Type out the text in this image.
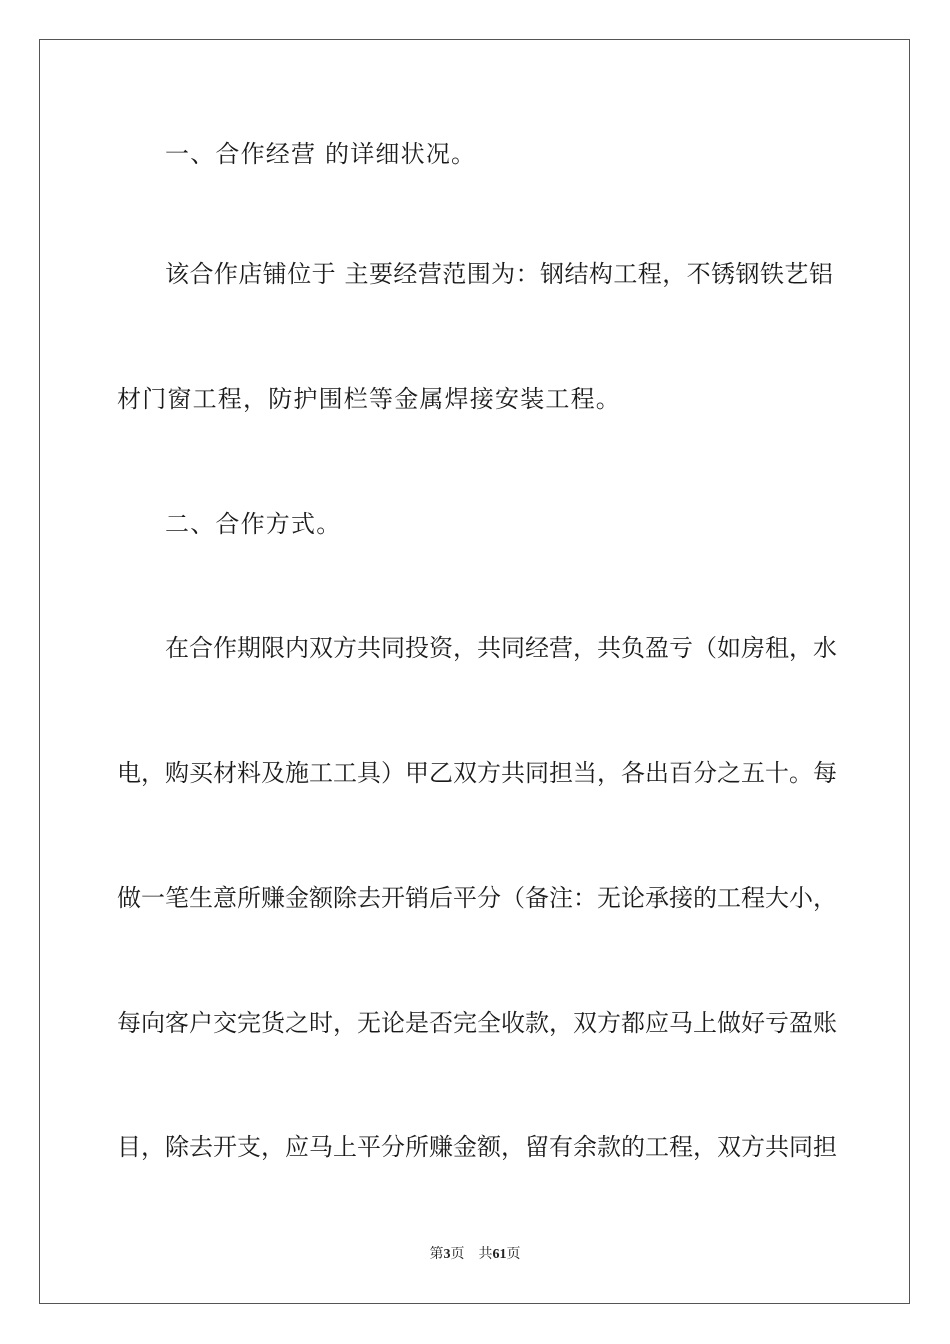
一、合作经营 的详细状况。
该 合 作 店 铺 位 于 主 要 经 营 范 围 为 ： 钢 结 构 工 程 ， 不 锈 钢 铁 艺 铝
材门窗工程，防护围栏等金属焊接安装工程。
二、合作方式。
在 合 作 期 限 内 双 方 共 同 投 资 ， 共 同 经 营 ， 共 负 盈 亏 （ 如 房 租 ， 水
电 ， 购 买 材 料 及 施 工 工 具 ） 甲 乙 双 方 共 同 担 当 ， 各 出 百 分 之 五 十 。 每
做 一 笔 生 意 所 赚 金 额 除 去 开 销 后 平 分 （ 备 注 ： 无 论 承 接 的 工 程 大 小 ，
每 向 客 户 交 完 货 之 时 ， 无 论 是 否 完 全 收 款 ， 双 方 都 应 马 上 做 好 亏 盈 账
目 ， 除 去 开 支 ， 应 马 上 平 分 所 赚 金 额 ， 留 有 余 款 的 工 程 ， 双 方 共 同 担
第3页 共61页
